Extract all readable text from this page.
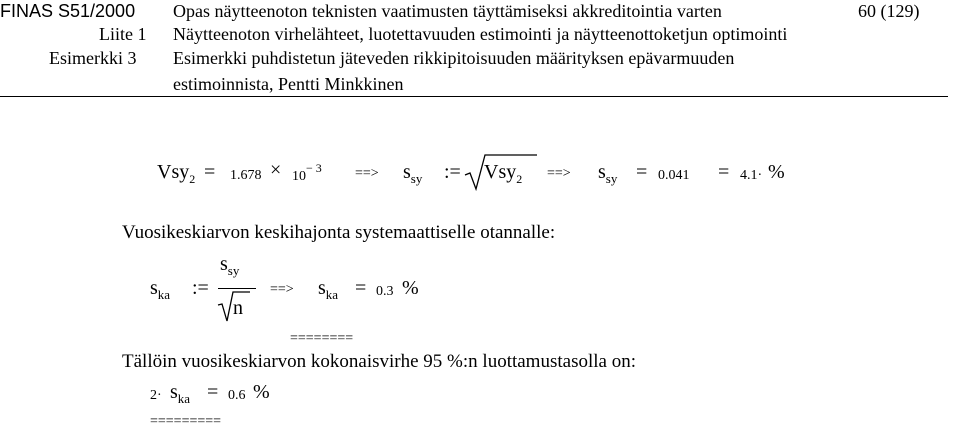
FINAS S51/2000 Opas näytteenoton teknisten vaatimusten täyttämiseksi akkreditointia varten	60 (129)
Liite 1 Näytteenoton virhelähteet, luotettavuuden estimointi ja näytteenottoketjun optimointi
Esimerkki 3 Esimerkki puhdistetun jäteveden rikkipitoisuuden määrityksen epävarmuuden
estimoinnista, Pentti Minkkinen
Vsy$_2$ = 1.678 × 10− 3 ==> $s_{sy}$ := Vsy$_2$ ==> $s_{sy} = 0.041 = 4.1\cdot$ %
Vuosikeskiarvon keskihajonta systemaattiselle otannalle:
$s_{ka}$ :=
$s_{sy}$
n
==> $s_{ka} = 0.3$ %
========
Tällöin vuosikeskiarvon kokonaisvirhe 95 %:n luottamustasolla on:
$2\cdot s_{ka} = 0.6$ %
=========
